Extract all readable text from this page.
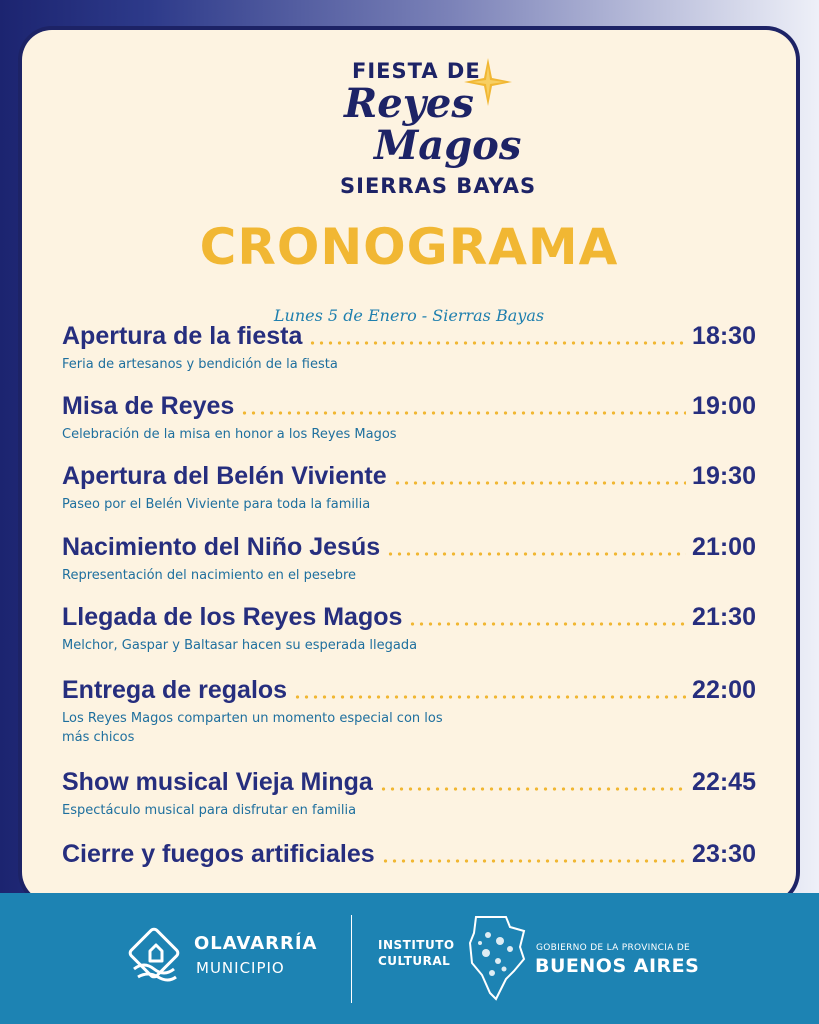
FIESTA DE
Reyes
Magos
SIERRAS BAYAS
CRONOGRAMA
Lunes 5 de Enero - Sierras Bayas
Apertura de la fiesta	18:30
Feria de artesanos y bendición de la fiesta
Misa de Reyes	19:00
Celebración de la misa en honor a los Reyes Magos
Apertura del Belén Viviente	19:30
Paseo por el Belén Viviente para toda la familia
Nacimiento del Niño Jesús	21:00
Representación del nacimiento en el pesebre
Llegada de los Reyes Magos	21:30
Melchor, Gaspar y Baltasar hacen su esperada llegada
Entrega de regalos	22:00
Los Reyes Magos comparten un momento especial con los más chicos
Show musical Vieja Minga	22:45
Espectáculo musical para disfrutar en familia
Cierre y fuegos artificiales	23:30
OLAVARRÍA
MUNICIPIO
INSTITUTO
CULTURAL
GOBIERNO DE LA PROVINCIA DE
BUENOS AIRES
